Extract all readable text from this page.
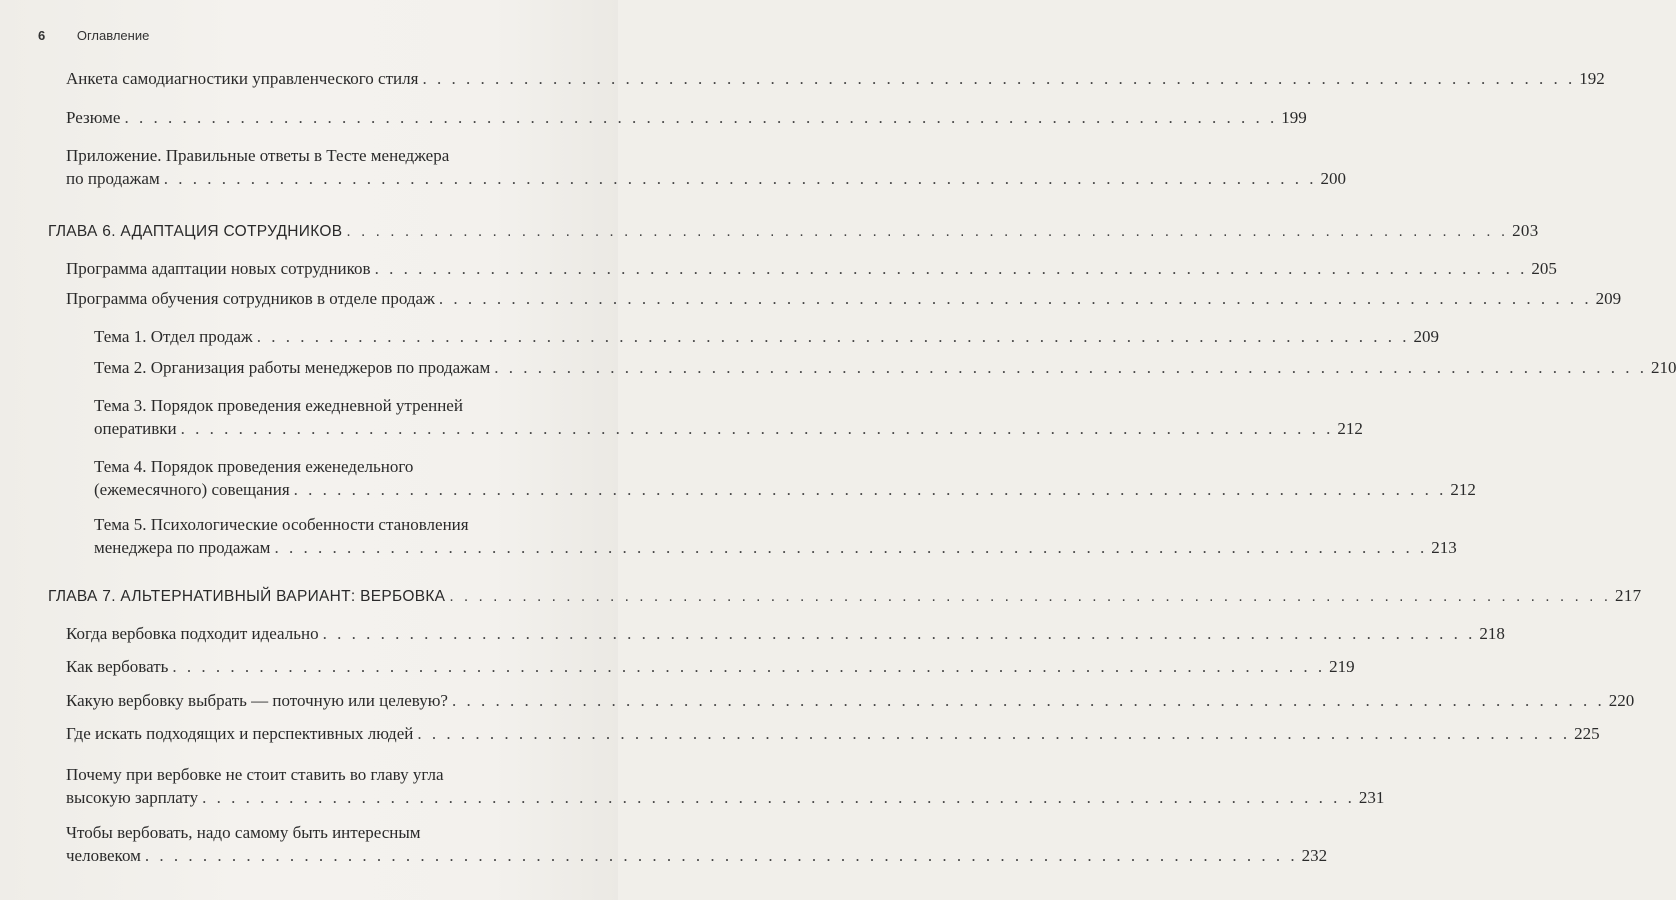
6 Оглавление
Анкета самодиагностики управленческого стиля . . . . . . . . . . . . . . . . . . . . . . . . . . . . . . . . . . . . . . . . . . . . . . . . . . . . . . . . . . . . . . . . . . . . . . . . . . . . . . . . 192
Резюме . . . . . . . . . . . . . . . . . . . . . . . . . . . . . . . . . . . . . . . . . . . . . . . . . . . . . . . . . . . . . . . . . . . . . . . . . . . . . . . . 199
Приложение. Правильные ответы в Тесте менеджера
по продажам . . . . . . . . . . . . . . . . . . . . . . . . . . . . . . . . . . . . . . . . . . . . . . . . . . . . . . . . . . . . . . . . . . . . . . . . . . . . . . . . 200
ГЛАВА 6. АДАПТАЦИЯ СОТРУДНИКОВ . . . . . . . . . . . . . . . . . . . . . . . . . . . . . . . . . . . . . . . . . . . . . . . . . . . . . . . . . . . . . . . . . . . . . . . . . . . . . . . . 203
Программа адаптации новых сотрудников . . . . . . . . . . . . . . . . . . . . . . . . . . . . . . . . . . . . . . . . . . . . . . . . . . . . . . . . . . . . . . . . . . . . . . . . . . . . . . . . 205
Программа обучения сотрудников в отделе продаж . . . . . . . . . . . . . . . . . . . . . . . . . . . . . . . . . . . . . . . . . . . . . . . . . . . . . . . . . . . . . . . . . . . . . . . . . . . . . . . . 209
Тема 1. Отдел продаж . . . . . . . . . . . . . . . . . . . . . . . . . . . . . . . . . . . . . . . . . . . . . . . . . . . . . . . . . . . . . . . . . . . . . . . . . . . . . . . . 209
Тема 2. Организация работы менеджеров по продажам . . . . . . . . . . . . . . . . . . . . . . . . . . . . . . . . . . . . . . . . . . . . . . . . . . . . . . . . . . . . . . . . . . . . . . . . . . . . . . . . 210
Тема 3. Порядок проведения ежедневной утренней
оперативки . . . . . . . . . . . . . . . . . . . . . . . . . . . . . . . . . . . . . . . . . . . . . . . . . . . . . . . . . . . . . . . . . . . . . . . . . . . . . . . . 212
Тема 4. Порядок проведения еженедельного
(ежемесячного) совещания . . . . . . . . . . . . . . . . . . . . . . . . . . . . . . . . . . . . . . . . . . . . . . . . . . . . . . . . . . . . . . . . . . . . . . . . . . . . . . . . 212
Тема 5. Психологические особенности становления
менеджера по продажам . . . . . . . . . . . . . . . . . . . . . . . . . . . . . . . . . . . . . . . . . . . . . . . . . . . . . . . . . . . . . . . . . . . . . . . . . . . . . . . . 213
ГЛАВА 7. АЛЬТЕРНАТИВНЫЙ ВАРИАНТ: ВЕРБОВКА . . . . . . . . . . . . . . . . . . . . . . . . . . . . . . . . . . . . . . . . . . . . . . . . . . . . . . . . . . . . . . . . . . . . . . . . . . . . . . . . 217
Когда вербовка подходит идеально . . . . . . . . . . . . . . . . . . . . . . . . . . . . . . . . . . . . . . . . . . . . . . . . . . . . . . . . . . . . . . . . . . . . . . . . . . . . . . . . 218
Как вербовать . . . . . . . . . . . . . . . . . . . . . . . . . . . . . . . . . . . . . . . . . . . . . . . . . . . . . . . . . . . . . . . . . . . . . . . . . . . . . . . . 219
Какую вербовку выбрать — поточную или целевую? . . . . . . . . . . . . . . . . . . . . . . . . . . . . . . . . . . . . . . . . . . . . . . . . . . . . . . . . . . . . . . . . . . . . . . . . . . . . . . . . 220
Где искать подходящих и перспективных людей . . . . . . . . . . . . . . . . . . . . . . . . . . . . . . . . . . . . . . . . . . . . . . . . . . . . . . . . . . . . . . . . . . . . . . . . . . . . . . . . 225
Почему при вербовке не стоит ставить во главу угла
высокую зарплату . . . . . . . . . . . . . . . . . . . . . . . . . . . . . . . . . . . . . . . . . . . . . . . . . . . . . . . . . . . . . . . . . . . . . . . . . . . . . . . . 231
Чтобы вербовать, надо самому быть интересным
человеком . . . . . . . . . . . . . . . . . . . . . . . . . . . . . . . . . . . . . . . . . . . . . . . . . . . . . . . . . . . . . . . . . . . . . . . . . . . . . . . . 232
